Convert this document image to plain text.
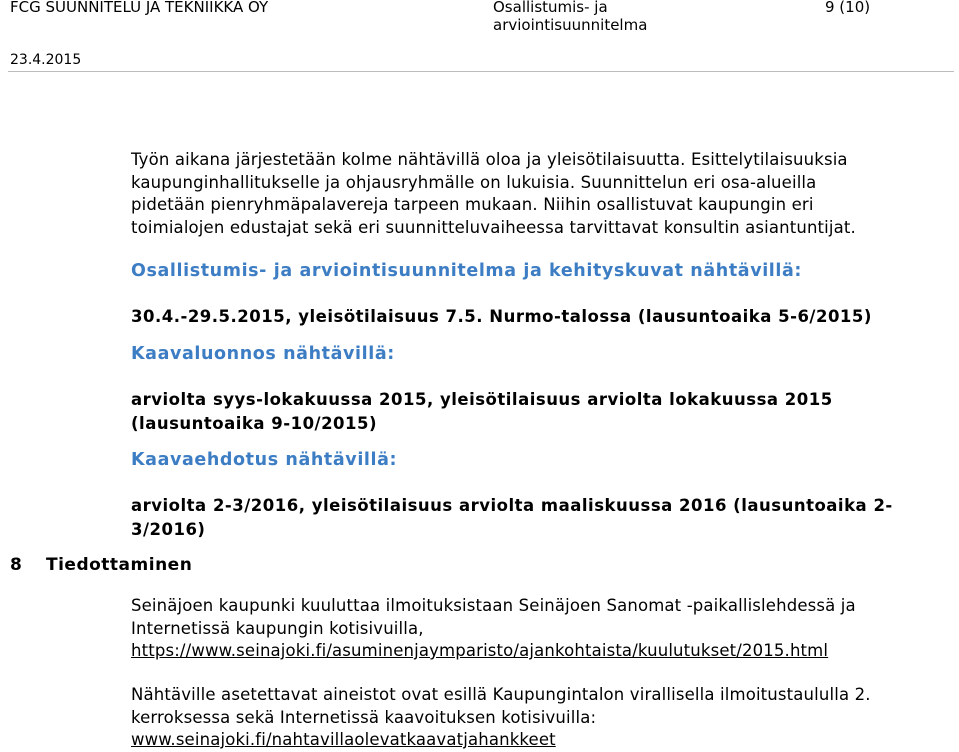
FCG SUUNNITELU JA TEKNIIKKA OY	Osallistumis- ja
arviointisuunnitelma
9 (10)
23.4.2015
Työn aikana järjestetään kolme nähtävillä oloa ja yleisötilaisuutta. Esittelytilaisuuksia
kaupunginhallitukselle ja ohjausryhmälle on lukuisia. Suunnittelun eri osa-alueilla
pidetään pienryhmäpalavereja tarpeen mukaan. Niihin osallistuvat kaupungin eri
toimialojen edustajat sekä eri suunnitteluvaiheessa tarvittavat konsultin asiantuntijat.
Osallistumis- ja arviointisuunnitelma ja kehityskuvat nähtävillä:
30.4.-29.5.2015, yleisötilaisuus 7.5. Nurmo-talossa (lausuntoaika 5-6/2015)
Kaavaluonnos nähtävillä:
arviolta syys-lokakuussa 2015, yleisötilaisuus arviolta lokakuussa 2015
(lausuntoaika 9-10/2015)
Kaavaehdotus nähtävillä:
arviolta 2-3/2016, yleisötilaisuus arviolta maaliskuussa 2016 (lausuntoaika 2-
3/2016)
8 Tiedottaminen
Seinäjoen kaupunki kuuluttaa ilmoituksistaan Seinäjoen Sanomat -paikallislehdessä ja
Internetissä kaupungin kotisivuilla,
https://www.seinajoki.fi/asuminenjaymparisto/ajankohtaista/kuulutukset/2015.html
Nähtäville asetettavat aineistot ovat esillä Kaupungintalon virallisella ilmoitustaululla 2.
kerroksessa sekä Internetissä kaavoituksen kotisivuilla:
www.seinajoki.fi/nahtavillaolevatkaavatjahankkeet
